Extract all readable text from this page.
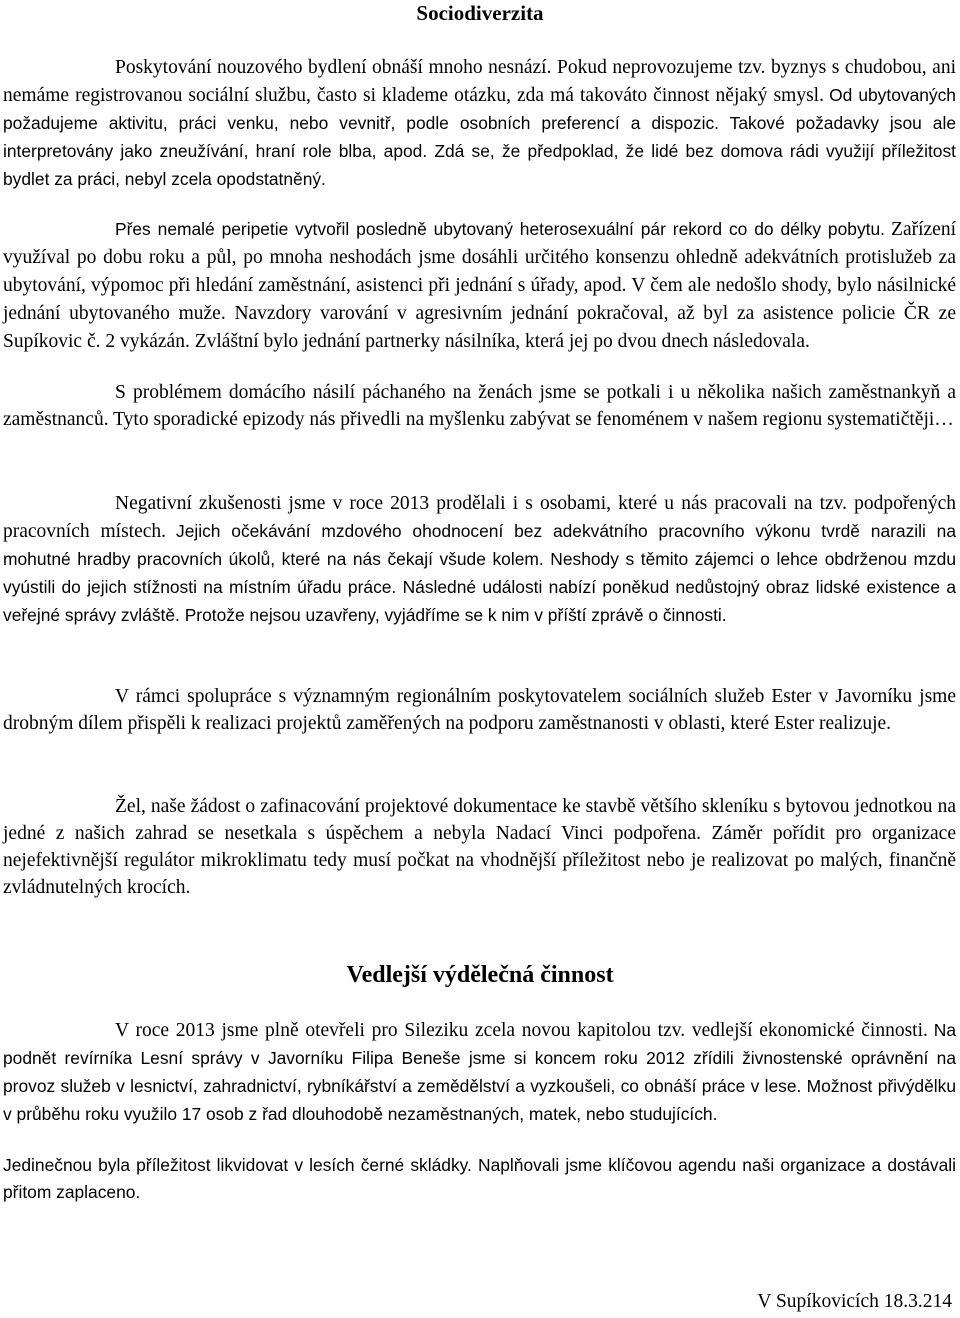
Sociodiverzita

Poskytování nouzového bydlení obnáší mnoho nesnází. Pokud neprovozujeme tzv. byznys s chudobou, ani nemáme registrovanou sociální službu, často si klademe otázku, zda má takováto činnost nějaký smysl. Od ubytovaných požadujeme aktivitu, práci venku, nebo vevnitř, podle osobních preferencí a dispozic. Takové požadavky jsou ale interpretovány jako zneužívání, hraní role blba, apod. Zdá se, že předpoklad, že lidé bez domova rádi využijí příležitost bydlet za práci, nebyl zcela opodstatněný.

Přes nemalé peripetie vytvořil posledně ubytovaný heterosexuální pár rekord co do délky pobytu. Zařízení využíval po dobu roku a půl, po mnoha neshodách jsme dosáhli určitého konsenzu ohledně adekvátních protislužeb za ubytování, výpomoc při hledání zaměstnání, asistenci při jednání s úřady, apod. V čem ale nedošlo shody, bylo násilnické jednání ubytovaného muže. Navzdory varování v agresivním jednání pokračoval, až byl za asistence policie ČR ze Supíkovic č. 2 vykázán. Zvláštní bylo jednání partnerky násilníka, která jej po dvou dnech následovala.

S problémem domácího násilí páchaného na ženách jsme se potkali i u několika našich zaměstnankyň a zaměstnanců. Tyto sporadické epizody nás přivedli na myšlenku zabývat se fenoménem v našem regionu systematičtěji…

Negativní zkušenosti jsme v roce 2013 prodělali i s osobami, které u nás pracovali na tzv. podpořených pracovních místech. Jejich očekávání mzdového ohodnocení bez adekvátního pracovního výkonu tvrdě narazili na mohutné hradby pracovních úkolů, které na nás čekají všude kolem. Neshody s těmito zájemci o lehce obdrženou mzdu vyústili do jejich stížnosti na místním úřadu práce. Následné události nabízí poněkud nedůstojný obraz lidské existence a veřejné správy zvláště. Protože nejsou uzavřeny, vyjádříme se k nim v příští zprávě o činnosti.

V rámci spolupráce s významným regionálním poskytovatelem sociálních služeb Ester v Javorníku jsme drobným dílem přispěli k realizaci projektů zaměřených na podporu zaměstnanosti v oblasti, které Ester realizuje.

Žel, naše žádost o zafinacování projektové dokumentace ke stavbě většího skleníku s bytovou jednotkou na jedné z našich zahrad se nesetkala s úspěchem a nebyla Nadací Vinci podpořena. Záměr pořídit pro organizace nejefektivnější regulátor mikroklimatu tedy musí počkat na vhodnější příležitost nebo je realizovat po malých, finančně zvládnutelných krocích.

Vedlejší výdělečná činnost

V roce 2013 jsme plně otevřeli pro Sileziku zcela novou kapitolou tzv. vedlejší ekonomické činnosti. Na podnět revírníka Lesní správy v Javorníku Filipa Beneše jsme si koncem roku 2012 zřídili živnostenské oprávnění na provoz služeb v lesnictví, zahradnictví, rybníkářství a zemědělství a vyzkoušeli, co obnáší práce v lese. Možnost přivýdělku v průběhu roku využilo 17 osob z řad dlouhodobě nezaměstnaných, matek, nebo studujících.

Jedinečnou byla příležitost likvidovat v lesích černé skládky. Naplňovali jsme klíčovou agendu naši organizace a dostávali přitom zaplaceno.

V Supíkovicích 18.3.214
